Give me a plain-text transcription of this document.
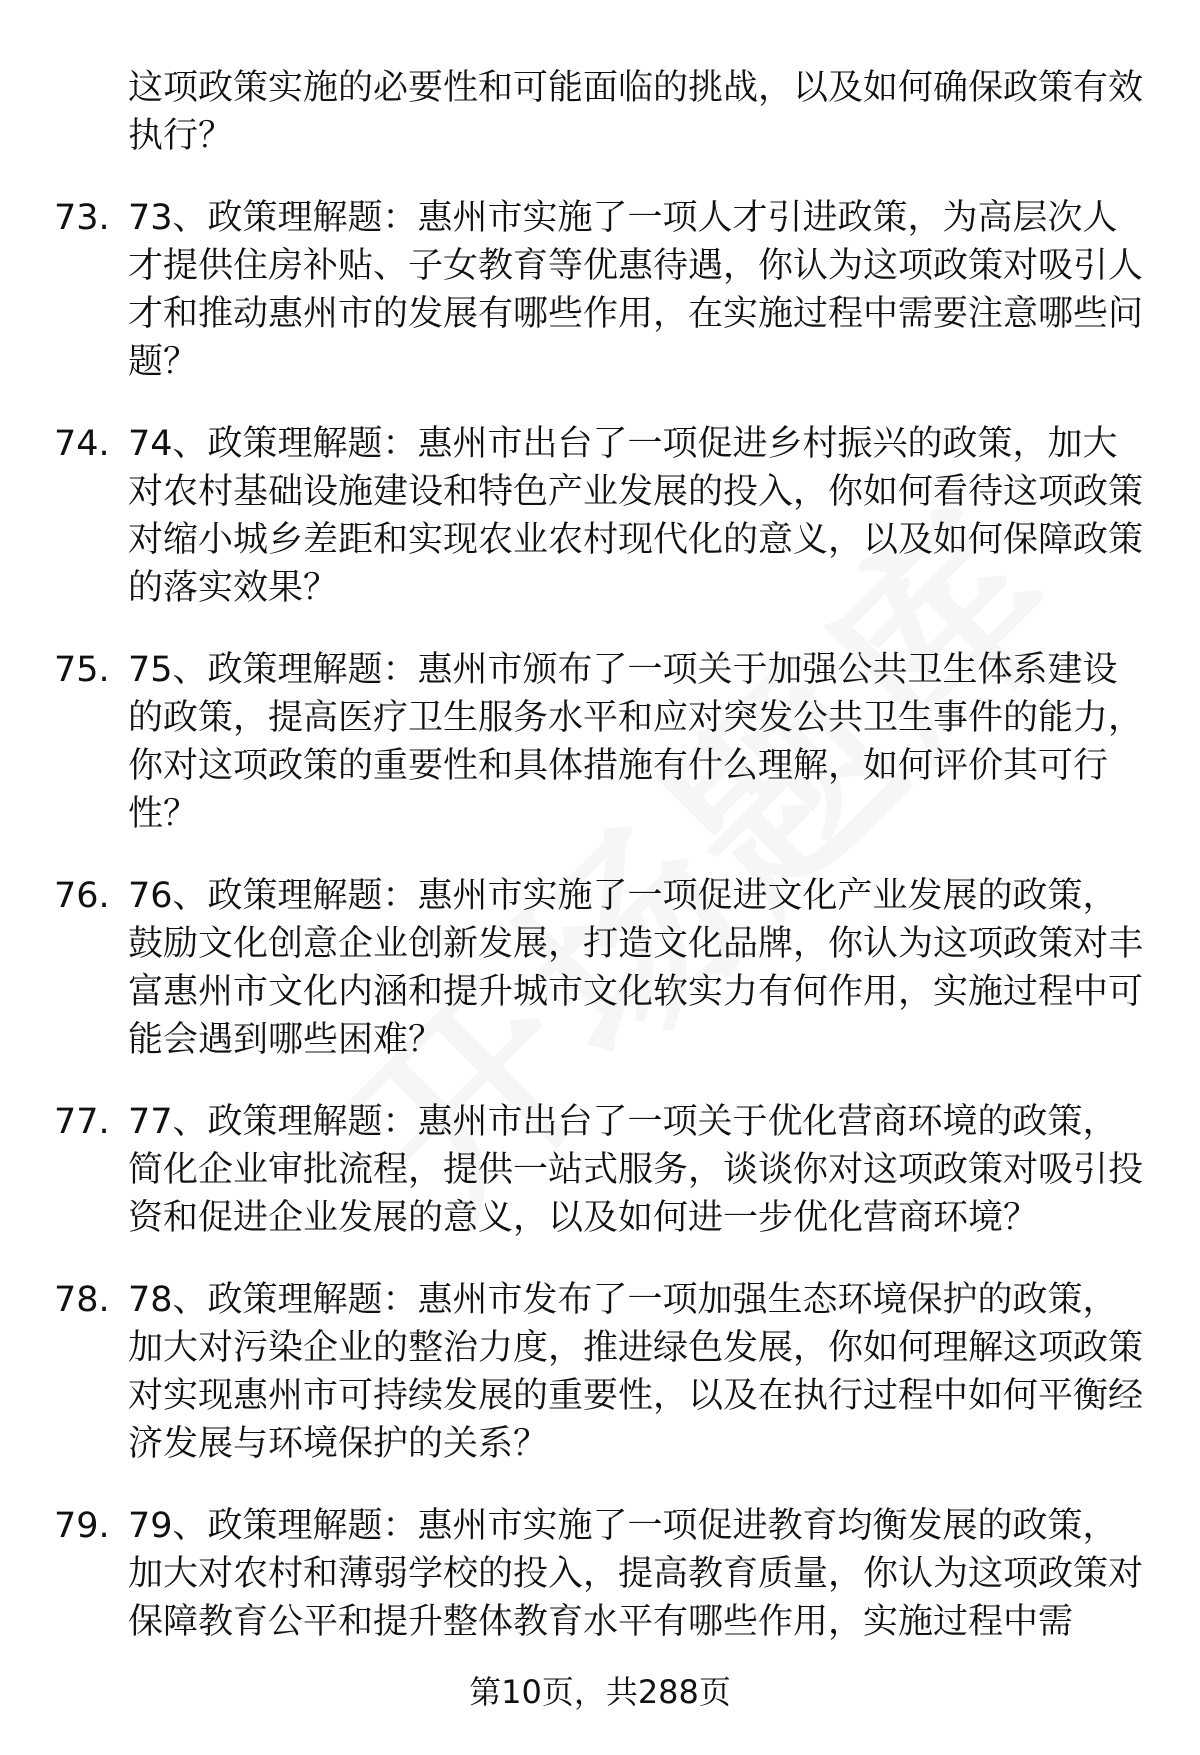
这项政策实施的必要性和可能面临的挑战，以及如何确保政策有效执行？
73. 73、政策理解题：惠州市实施了一项人才引进政策，为高层次人才提供住房补贴、子女教育等优惠待遇，你认为这项政策对吸引人才和推动惠州市的发展有哪些作用，在实施过程中需要注意哪些问题？
74. 74、政策理解题：惠州市出台了一项促进乡村振兴的政策，加大对农村基础设施建设和特色产业发展的投入，你如何看待这项政策对缩小城乡差距和实现农业农村现代化的意义，以及如何保障政策的落实效果？
75. 75、政策理解题：惠州市颁布了一项关于加强公共卫生体系建设的政策，提高医疗卫生服务水平和应对突发公共卫生事件的能力，你对这项政策的重要性和具体措施有什么理解，如何评价其可行性？
76. 76、政策理解题：惠州市实施了一项促进文化产业发展的政策，鼓励文化创意企业创新发展，打造文化品牌，你认为这项政策对丰富惠州市文化内涵和提升城市文化软实力有何作用，实施过程中可能会遇到哪些困难？
77. 77、政策理解题：惠州市出台了一项关于优化营商环境的政策，简化企业审批流程，提供一站式服务，谈谈你对这项政策对吸引投资和促进企业发展的意义，以及如何进一步优化营商环境？
78. 78、政策理解题：惠州市发布了一项加强生态环境保护的政策，加大对污染企业的整治力度，推进绿色发展，你如何理解这项政策对实现惠州市可持续发展的重要性，以及在执行过程中如何平衡经济发展与环境保护的关系？
79. 79、政策理解题：惠州市实施了一项促进教育均衡发展的政策，加大对农村和薄弱学校的投入，提高教育质量，你认为这项政策对保障教育公平和提升整体教育水平有哪些作用，实施过程中需
第10页，共288页
